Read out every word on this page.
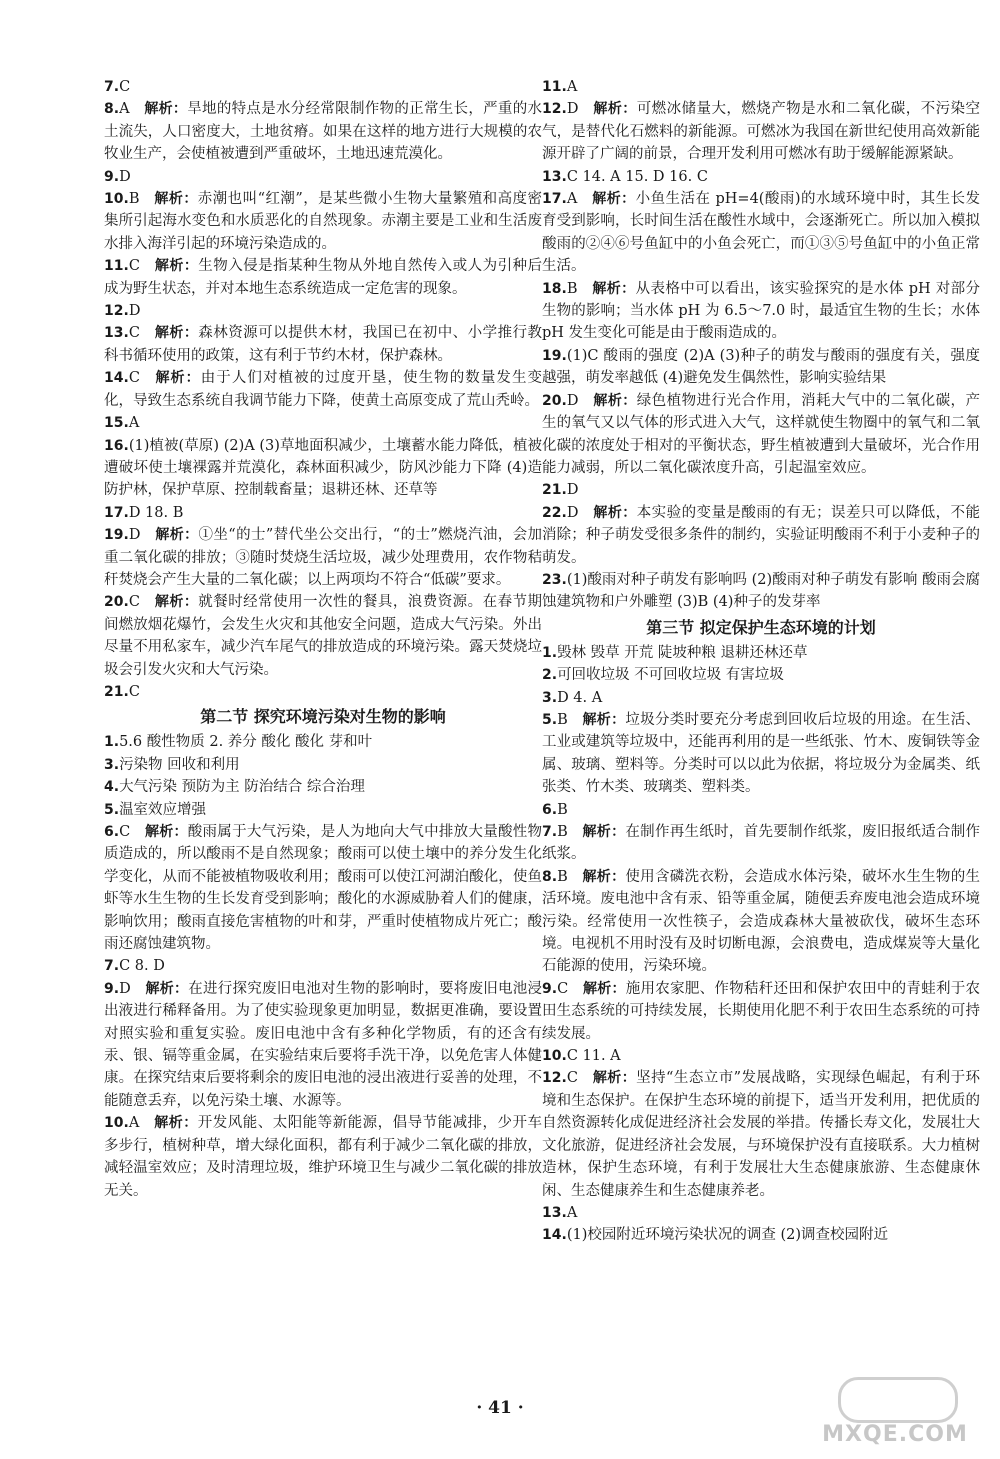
7.C

8.A  解析：旱地的特点是水分经常限制作物的正常生长，严重的水土流失，人口密度大，土地贫瘠。如果在这样的地方进行大规模的农牧业生产，会使植被遭到严重破坏，土地迅速荒漠化。

9.D

10.B  解析：赤潮也叫“红潮”，是某些微小生物大量繁殖和高度密集所引起海水变色和水质恶化的自然现象。赤潮主要是工业和生活废水排入海洋引起的环境污染造成的。

11.C  解析：生物入侵是指某种生物从外地自然传入或人为引种后成为野生状态，并对本地生态系统造成一定危害的现象。

12.D

13.C  解析：森林资源可以提供木材，我国已在初中、小学推行教科书循环使用的政策，这有利于节约木材，保护森林。

14.C  解析：由于人们对植被的过度开垦，使生物的数量发生变化，导致生态系统自我调节能力下降，使黄土高原变成了荒山秃岭。

15.A

16.(1)植被(草原) (2)A (3)草地面积减少，土壤蓄水能力降低，植被遭破坏使土壤裸露并荒漠化，森林面积减少，防风沙能力下降 (4)造防护林，保护草原、控制载畜量；退耕还林、还草等

17.D 18. B

19.D  解析：①坐“的士”替代坐公交出行，“的士”燃烧汽油，会加重二氧化碳的排放；③随时焚烧生活垃圾，减少处理费用，农作物秸秆焚烧会产生大量的二氧化碳；以上两项均不符合“低碳”要求。

20.C  解析：就餐时经常使用一次性的餐具，浪费资源。在春节期间燃放烟花爆竹，会发生火灾和其他安全问题，造成大气污染。外出尽量不用私家车，减少汽车尾气的排放造成的环境污染。露天焚烧垃圾会引发火灾和大气污染。

21.C

第二节 探究环境污染对生物的影响

1.5.6 酸性物质 2. 养分 酸化 酸化 芽和叶

3.污染物 回收和利用

4.大气污染 预防为主 防治结合 综合治理

5.温室效应增强

6.C  解析：酸雨属于大气污染，是人为地向大气中排放大量酸性物质造成的，所以酸雨不是自然现象；酸雨可以使土壤中的养分发生化学变化，从而不能被植物吸收利用；酸雨可以使江河湖泊酸化，使鱼虾等水生生物的生长发育受到影响；酸化的水源威胁着人们的健康，影响饮用；酸雨直接危害植物的叶和芽，严重时使植物成片死亡；酸雨还腐蚀建筑物。

7.C 8. D

9.D  解析：在进行探究废旧电池对生物的影响时，要将废旧电池浸出液进行稀释备用。为了使实验现象更加明显，数据更准确，要设置对照实验和重复实验。废旧电池中含有多种化学物质，有的还含有汞、银、镉等重金属，在实验结束后要将手洗干净，以免危害人体健康。在探究结束后要将剩余的废旧电池的浸出液进行妥善的处理，不能随意丢弃，以免污染土壤、水源等。

10.A  解析：开发风能、太阳能等新能源，倡导节能减排，少开车多步行，植树种草，增大绿化面积，都有利于减少二氧化碳的排放，减轻温室效应；及时清理垃圾，维护环境卫生与减少二氧化碳的排放无关。

11.A

12.D  解析：可燃冰储量大，燃烧产物是水和二氧化碳，不污染空气，是替代化石燃料的新能源。可燃冰为我国在新世纪使用高效新能源开辟了广阔的前景，合理开发利用可燃冰有助于缓解能源紧缺。

13.C 14. A 15. D 16. C

17.A  解析：小鱼生活在 pH=4(酸雨)的水域环境中时，其生长发育受到影响，长时间生活在酸性水域中，会逐渐死亡。所以加入模拟酸雨的②④⑥号鱼缸中的小鱼会死亡，而①③⑤号鱼缸中的小鱼正常生活。

18.B  解析：从表格中可以看出，该实验探究的是水体 pH 对部分生物的影响；当水体 pH 为 6.5～7.0 时，最适宜生物的生长；水体 pH 发生变化可能是由于酸雨造成的。

19.(1)C 酸雨的强度 (2)A (3)种子的萌发与酸雨的强度有关，强度越强，萌发率越低 (4)避免发生偶然性，影响实验结果

20.D  解析：绿色植物进行光合作用，消耗大气中的二氧化碳，产生的氧气又以气体的形式进入大气，这样就使生物圈中的氧气和二氧化碳的浓度处于相对的平衡状态，野生植被遭到大量破坏，光合作用能力减弱，所以二氧化碳浓度升高，引起温室效应。

21.D

22.D  解析：本实验的变量是酸雨的有无；误差只可以降低，不能消除；种子萌发受很多条件的制约，实验证明酸雨不利于小麦种子的萌发。

23.(1)酸雨对种子萌发有影响吗 (2)酸雨对种子萌发有影响 酸雨会腐蚀建筑物和户外雕塑 (3)B (4)种子的发芽率

第三节 拟定保护生态环境的计划

1.毁林 毁草 开荒 陡坡种粮 退耕还林还草

2.可回收垃圾 不可回收垃圾 有害垃圾

3.D 4. A

5.B  解析：垃圾分类时要充分考虑到回收后垃圾的用途。在生活、工业或建筑等垃圾中，还能再利用的是一些纸张、竹木、废铜铁等金属、玻璃、塑料等。分类时可以以此为依据，将垃圾分为金属类、纸张类、竹木类、玻璃类、塑料类。

6.B

7.B  解析：在制作再生纸时，首先要制作纸浆，废旧报纸适合制作纸浆。

8.B  解析：使用含磷洗衣粉，会造成水体污染，破坏水生生物的生活环境。废电池中含有汞、铅等重金属，随便丢弃废电池会造成环境污染。经常使用一次性筷子，会造成森林大量被砍伐，破坏生态环境。电视机不用时没有及时切断电源，会浪费电，造成煤炭等大量化石能源的使用，污染环境。

9.C  解析：施用农家肥、作物秸秆还田和保护农田中的青蛙利于农田生态系统的可持续发展，长期使用化肥不利于农田生态系统的可持续发展。

10.C 11. A

12.C  解析：坚持“生态立市”发展战略，实现绿色崛起，有利于环境和生态保护。在保护生态环境的前提下，适当开发利用，把优质的自然资源转化成促进经济社会发展的举措。传播长寿文化，发展壮大文化旅游，促进经济社会发展，与环境保护没有直接联系。大力植树造林，保护生态环境，有利于发展壮大生态健康旅游、生态健康休闲、生态健康养生和生态健康养老。

13.A

14.(1)校园附近环境污染状况的调查 (2)调查校园附近

· 41 ·
MXQE.COM
